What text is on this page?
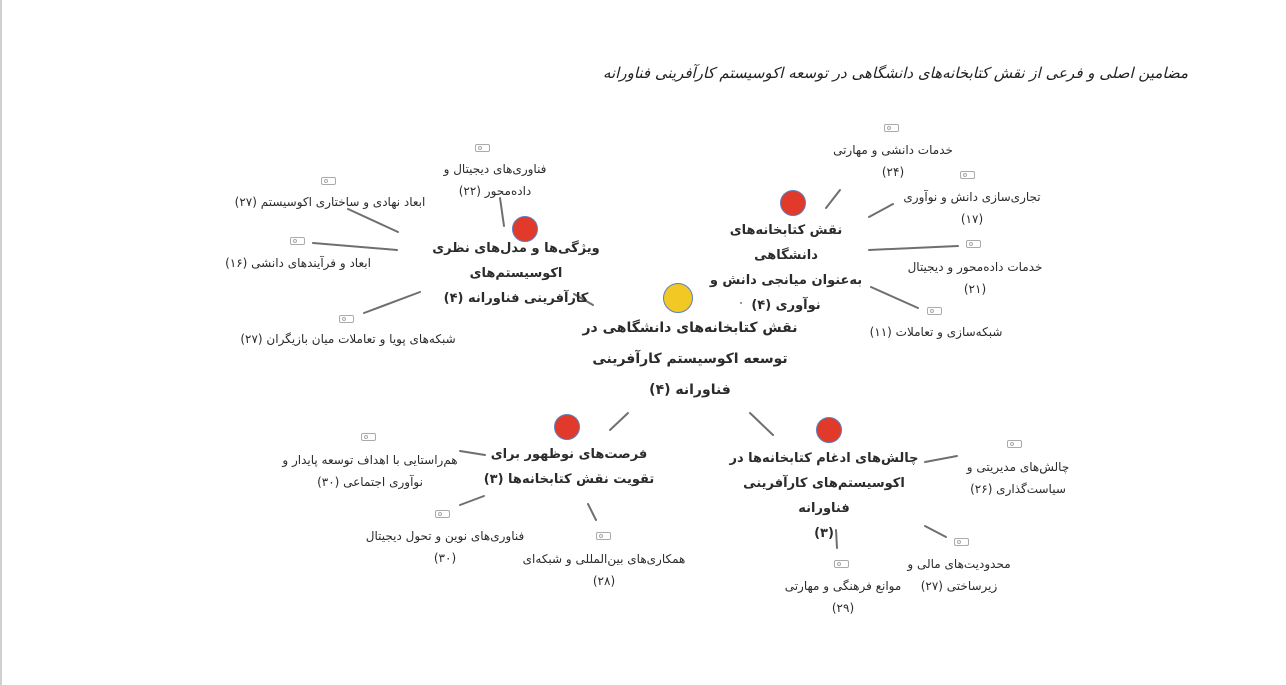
مضامین اصلی و فرعی از نقش کتابخانه‌های دانشگاهی در توسعه اکوسیستم کارآفرینی فناورانه
نقش کتابخانه‌های دانشگاهی در
توسعه اکوسیستم کارآفرینی
فناورانه (۴)
ویژگی‌ها و مدل‌های نظری اکوسیستم‌های
کارآفرینی فناورانه (۴)
نقش کتابخانه‌های دانشگاهی
به‌عنوان میانجی دانش و
نوآوری (۴)
فرصت‌های نوظهور برای
تقویت نقش کتابخانه‌ها (۳)
چالش‌های ادغام کتابخانه‌ها در
اکوسیستم‌های کارآفرینی فناورانه
(۳)
فناوری‌های دیجیتال و
داده‌محور (۲۲)
ابعاد نهادی و ساختاری اکوسیستم (۲۷)
ابعاد و فرآیندهای دانشی (۱۶)
شبکه‌های پویا و تعاملات میان بازیگران (۲۷)
خدمات دانشی و مهارتی
(۲۴)
تجاری‌سازی دانش و نوآوری
(۱۷)
خدمات داده‌محور و دیجیتال
(۲۱)
شبکه‌سازی و تعاملات (۱۱)
هم‌راستایی با اهداف توسعه پایدار و
نوآوری اجتماعی (۳۰)
فناوری‌های نوین و تحول دیجیتال
(۳۰)	همکاری‌های بین‌المللی و شبکه‌ای
(۲۸)
چالش‌های مدیریتی و
سیاست‌گذاری (۲۶)
محدودیت‌های مالی و
زیرساختی (۲۷)
موانع فرهنگی و مهارتی
(۲۹)
